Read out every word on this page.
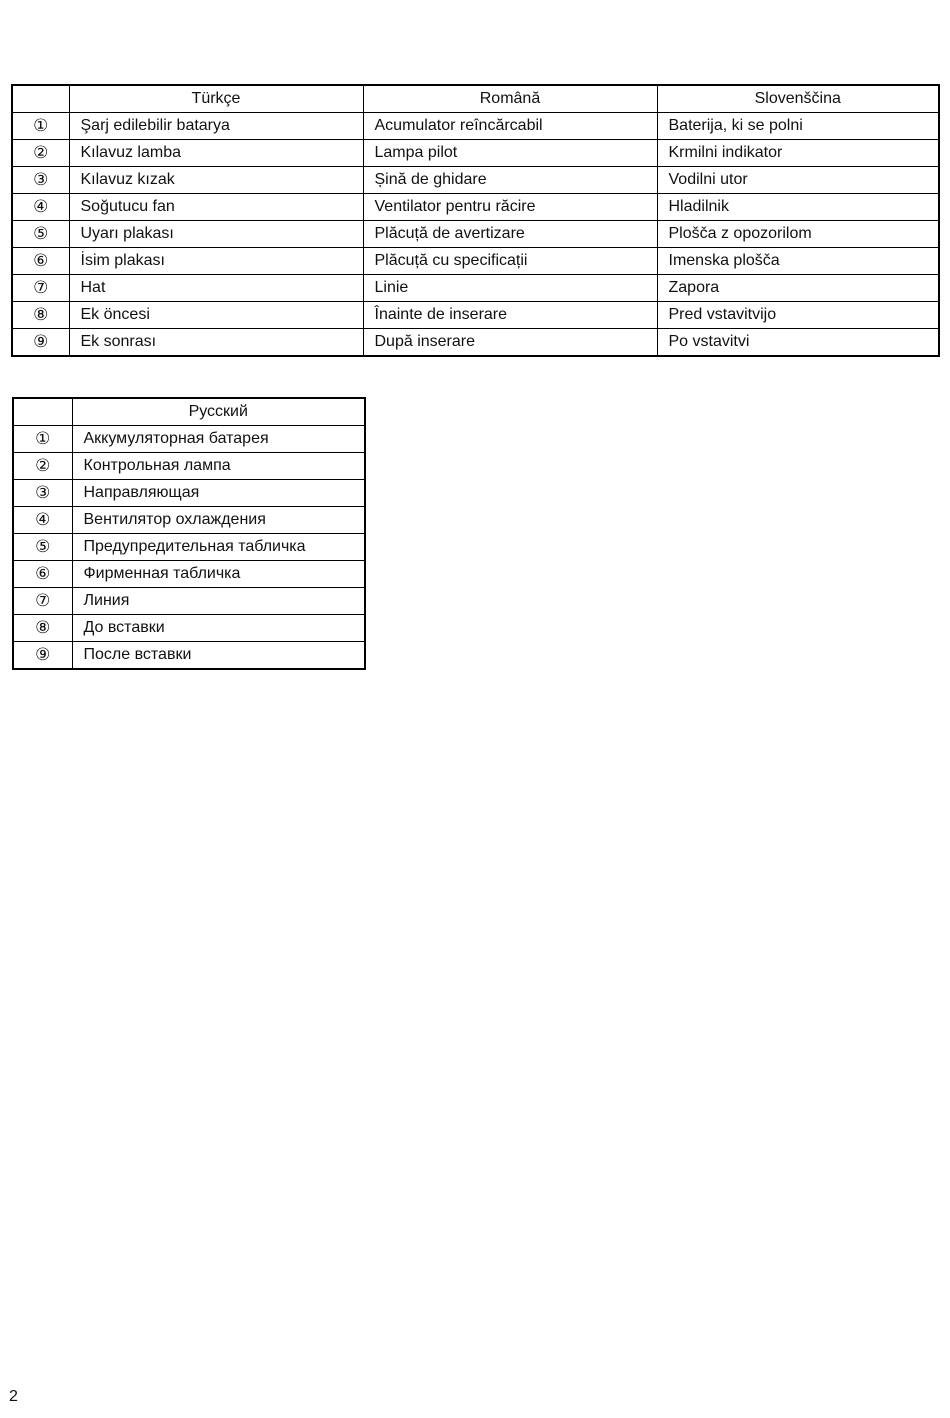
	Türkçe	Română	Slovenščina
①	Şarj edilebilir batarya	Acumulator reîncărcabil	Baterija, ki se polni
②	Kılavuz lamba	Lampa pilot	Krmilni indikator
③	Kılavuz kızak	Șină de ghidare	Vodilni utor
④	Soğutucu fan	Ventilator pentru răcire	Hladilnik
⑤	Uyarı plakası	Plăcuță de avertizare	Plošča z opozorilom
⑥	İsim plakası	Plăcuță cu specificații	Imenska plošča
⑦	Hat	Linie	Zapora
⑧	Ek öncesi	Înainte de inserare	Pred vstavitvijo
⑨	Ek sonrası	După inserare	Po vstavitvi
	Русский
①	Аккумуляторная батарея
②	Контрольная лампа
③	Направляющая
④	Вентилятор охлаждения
⑤	Предупредительная табличка
⑥	Фирменная табличка
⑦	Линия
⑧	До вставки
⑨	После вставки
2
